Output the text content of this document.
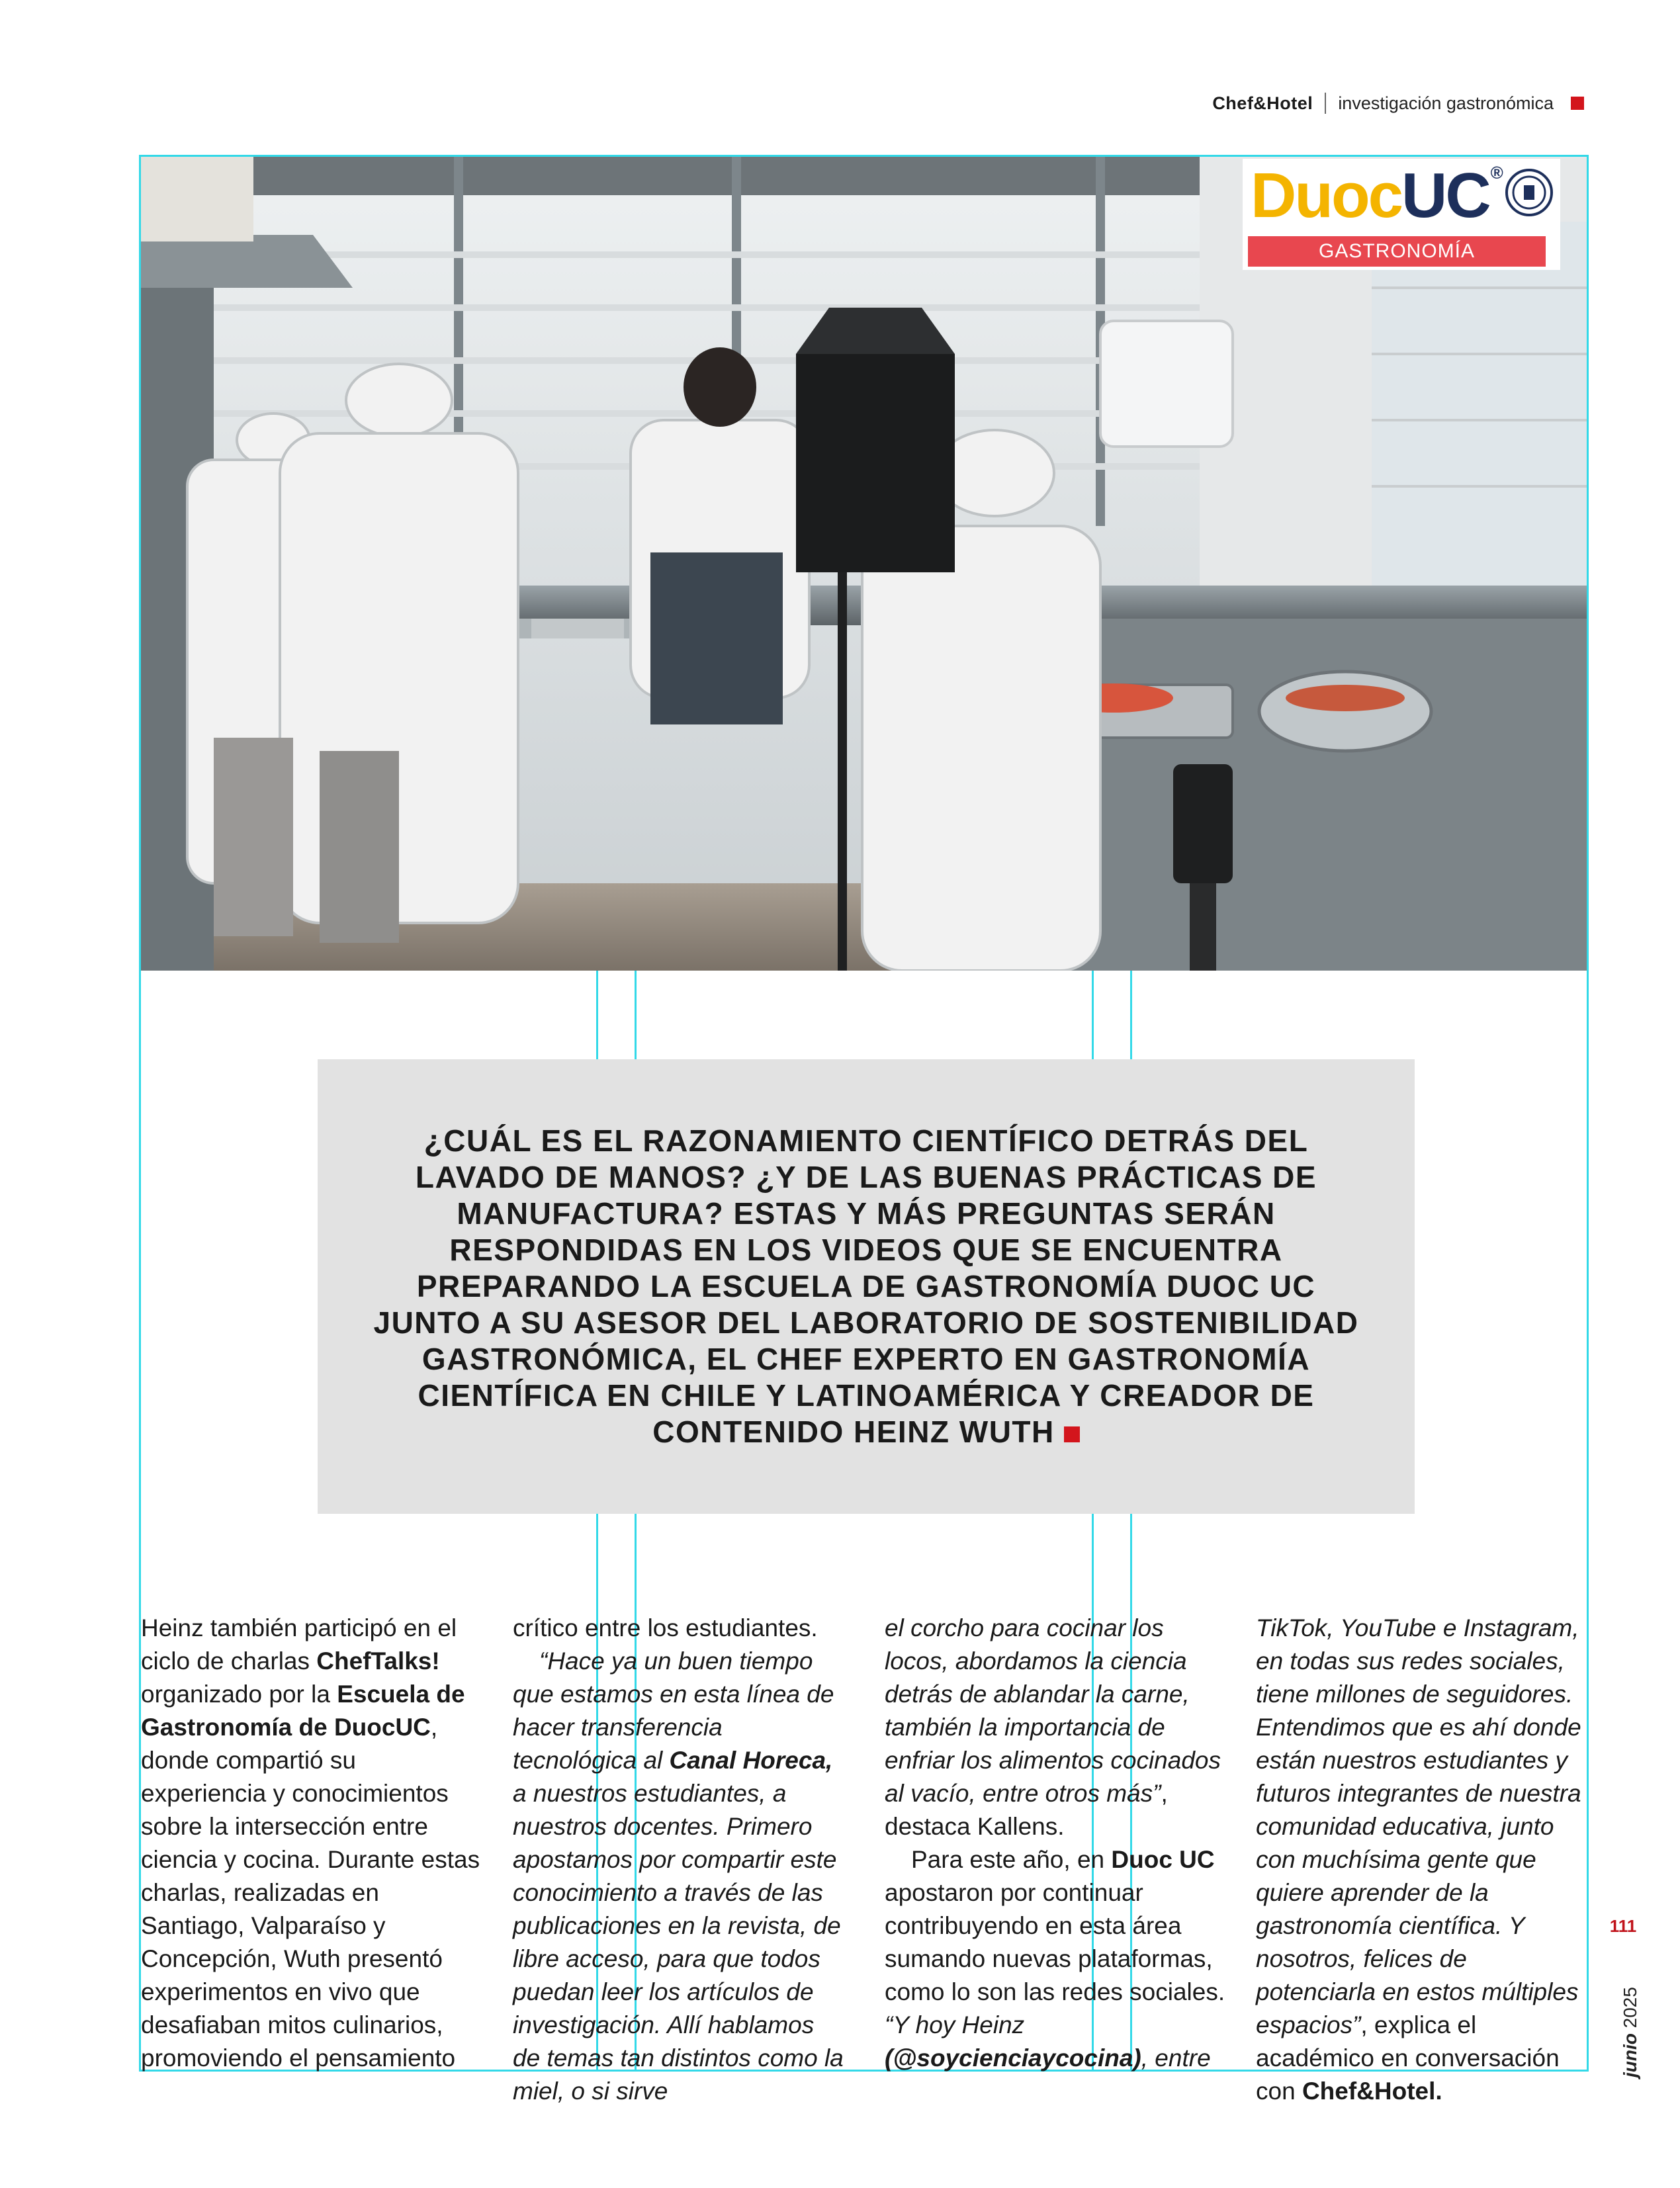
Chef&Hotel investigación gastronómica
DuocUC®
GASTRONOMÍA
¿CUÁL ES EL RAZONAMIENTO CIENTÍFICO DETRÁS DEL LAVADO DE MANOS? ¿Y DE LAS BUENAS PRÁCTICAS DE MANUFACTURA? ESTAS Y MÁS PREGUNTAS SERÁN RESPONDIDAS EN LOS VIDEOS QUE SE ENCUENTRA PREPARANDO LA ESCUELA DE GASTRONOMÍA DUOC UC JUNTO A SU ASESOR DEL LABORATORIO DE SOSTENIBILIDAD GASTRONÓMICA, EL CHEF EXPERTO EN GASTRONOMÍA CIENTÍFICA EN CHILE Y LATINOAMÉRICA Y CREADOR DE CONTENIDO HEINZ WUTH

Heinz también participó en el ciclo de charlas ChefTalks! organizado por la Escuela de Gastronomía de DuocUC, donde compartió su experiencia y conocimientos sobre la intersección entre ciencia y cocina. Durante estas charlas, realizadas en Santiago, Valparaíso y Concepción, Wuth presentó experimentos en vivo que desafiaban mitos culinarios, promoviendo el pensamiento

crítico entre los estudiantes.

“Hace ya un buen tiempo que estamos en esta línea de hacer transferencia tecnológica al Canal Horeca, a nuestros estudiantes, a nuestros docentes. Primero apostamos por compartir este conocimiento a través de las publicaciones en la revista, de libre acceso, para que todos puedan leer los artículos de investigación. Allí hablamos de temas tan distintos como la miel, o si sirve

el corcho para cocinar los locos, abordamos la ciencia detrás de ablandar la carne, también la importancia de enfriar los alimentos cocinados al vacío, entre otros más”, destaca Kallens.

Para este año, en Duoc UC apostaron por continuar contribuyendo en esta área sumando nuevas plataformas, como lo son las redes sociales. “Y hoy Heinz (@soycienciaycocina), entre

TikTok, YouTube e Instagram, en todas sus redes sociales, tiene millones de seguidores. Entendimos que es ahí donde están nuestros estudiantes y futuros integrantes de nuestra comunidad educativa, junto con muchísima gente que quiere aprender de la gastronomía científica. Y nosotros, felices de potenciarla en estos múltiples espacios”, explica el académico en conversación con Chef&Hotel.

111
junio 2025
